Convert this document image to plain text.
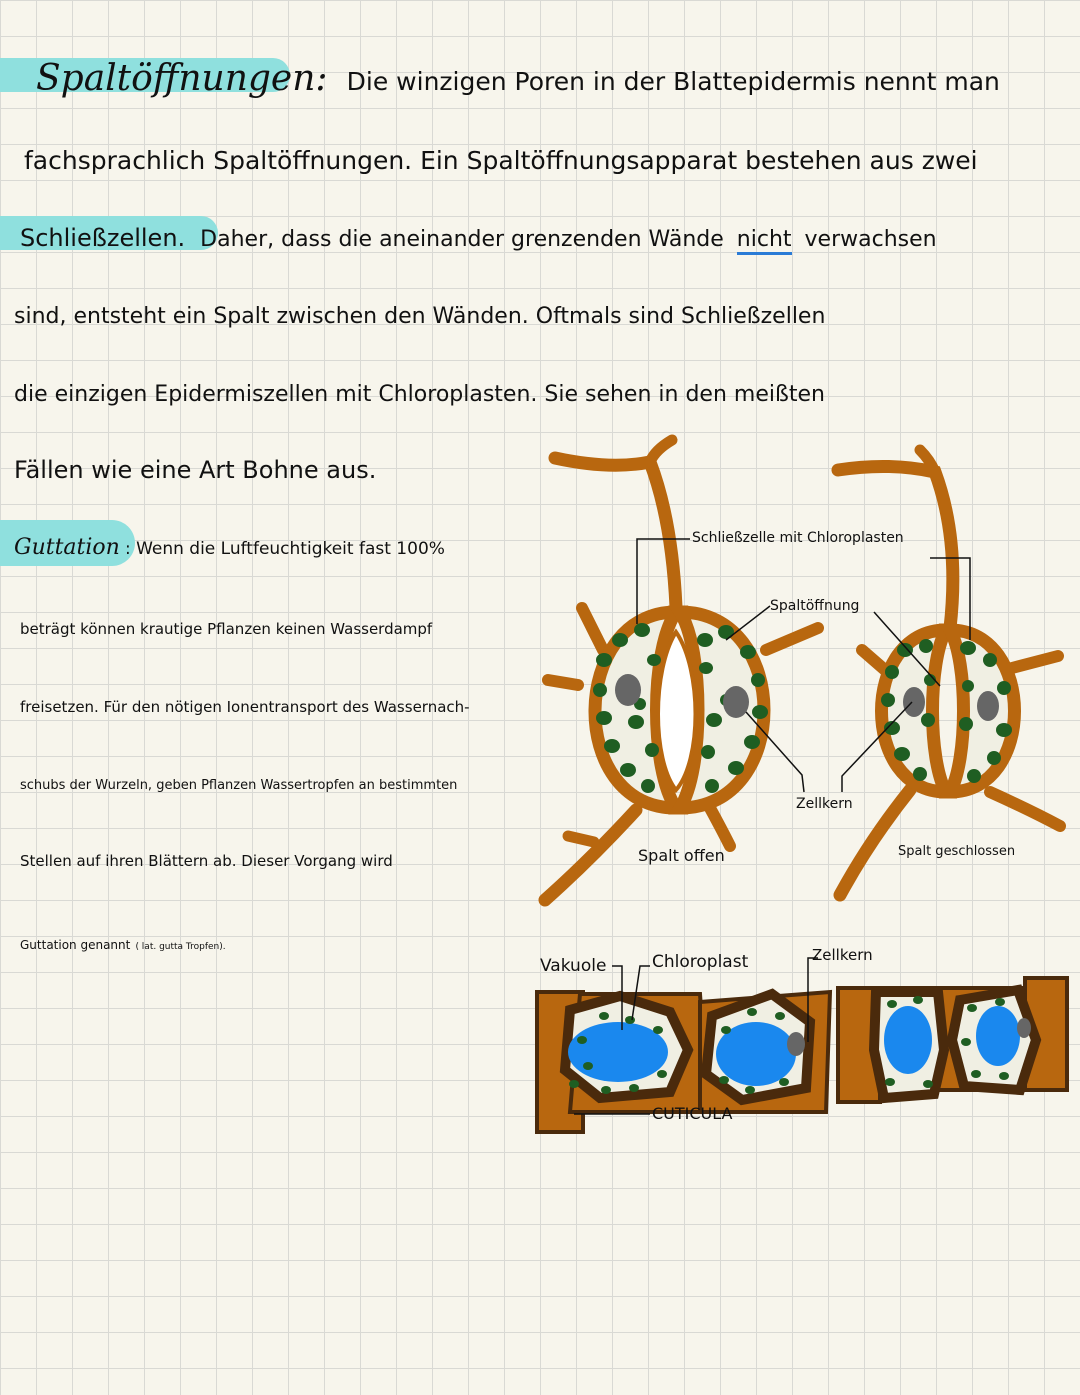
Spaltöffnungen: Die winzigen Poren in der Blattepidermis nennt man
fachsprachlich Spaltöffnungen. Ein Spaltöffnungsapparat bestehen aus zwei
Schließzellen. Daher, dass die aneinander grenzenden Wände nicht verwachsen
sind, entsteht ein Spalt zwischen den Wänden. Oftmals sind Schließzellen
die einzigen Epidermiszellen mit Chloroplasten. Sie sehen in den meißten
Fällen wie eine Art Bohne aus.
Guttation : Wenn die Luftfeuchtigkeit fast 100%
beträgt können krautige Pflanzen keinen Wasserdampf
freisetzen. Für den nötigen Ionentransport des Wassernach-
schubs der Wurzeln, geben Pflanzen Wassertropfen an bestimmten
Stellen auf ihren Blättern ab. Dieser Vorgang wird
Guttation genannt ( lat. gutta Tropfen).
Schließzelle mit Chloroplasten
Spaltöffnung
Zellkern
Spalt offen	Spalt geschlossen
Vakuole	Chloroplast	Zellkern
CUTICULA
